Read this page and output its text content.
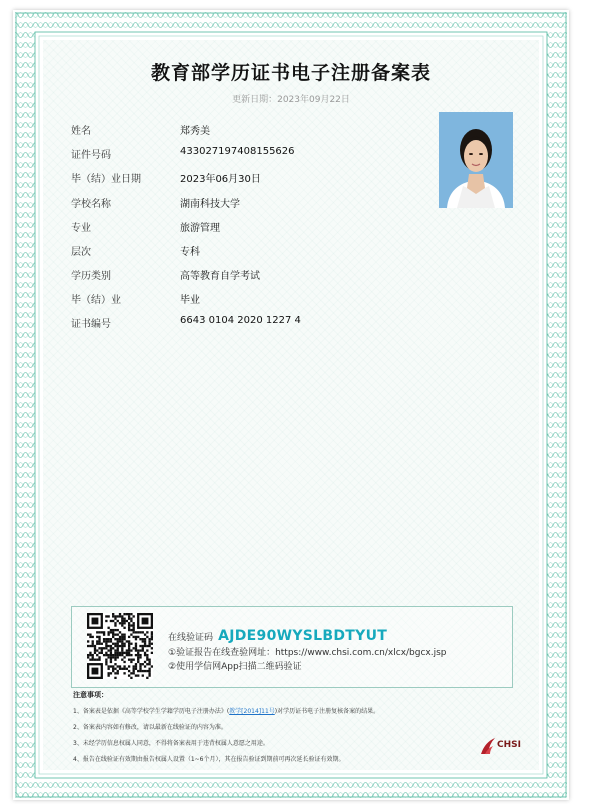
教育部学历证书电子注册备案表
更新日期：2023年09月22日
姓名	郑秀美
证件号码	433027197408155626
毕（结）业日期	2023年06月30日
学校名称	湖南科技大学
专业	旅游管理
层次	专科
学历类别	高等教育自学考试
毕（结）业	毕业
证书编号	6643 0104 2020 1227 4
在线验证码 AJDE90WYSLBDTYUT
①验证报告在线查验网址：https://www.chsi.com.cn/xlcx/bgcx.jsp
②使用学信网App扫描二维码验证
注意事项：
1、备案表是依据《高等学校学生学籍学历电子注册办法》(教学[2014]11号)对学历证书电子注册复核备案的结果。
2、备案表内容如有修改，请以最新在线验证的内容为准。
3、未经学历信息权属人同意，不得将备案表用于违背权属人意愿之用途。
4、报告在线验证有效期由报告权属人设置（1~6个月），其在报告验证到期前可再次延长验证有效期。
CHSI
